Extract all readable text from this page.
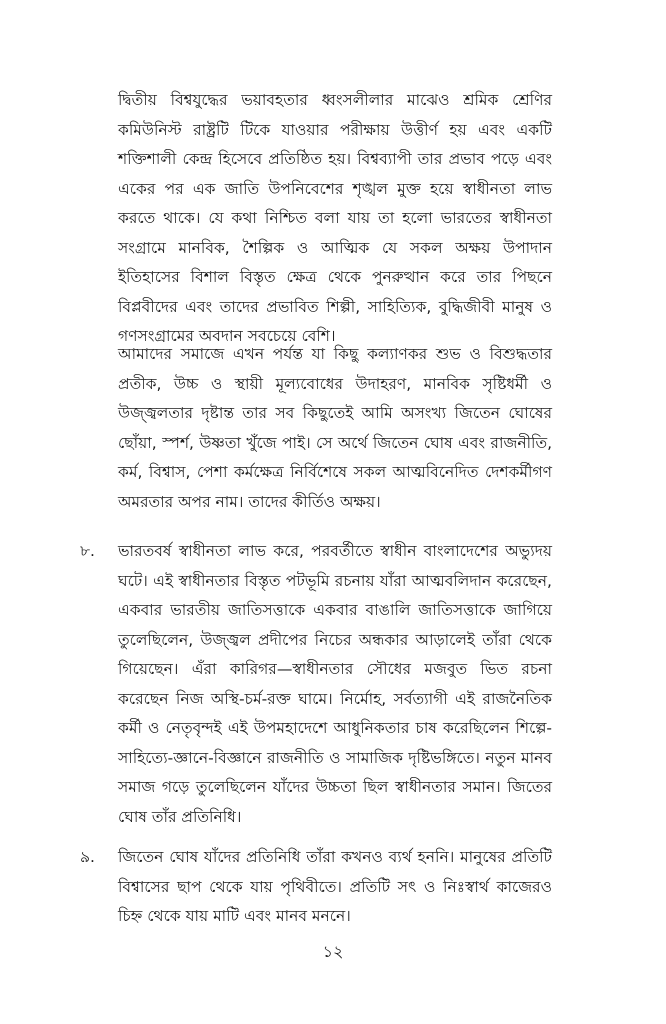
দ্বিতীয় বিশ্বযুদ্ধের ভয়াবহতার ধ্বংসলীলার মাঝেও শ্রমিক শ্রেণির কমিউনিস্ট রাষ্ট্রটি টিকে যাওয়ার পরীক্ষায় উত্তীর্ণ হয় এবং একটি শক্তিশালী কেন্দ্র হিসেবে প্রতিষ্ঠিত হয়। বিশ্বব্যাপী তার প্রভাব পড়ে এবং একের পর এক জাতি উপনিবেশের শৃঙ্খল মুক্ত হয়ে স্বাধীনতা লাভ করতে থাকে। যে কথা নিশ্চিত বলা যায় তা হলো ভারতের স্বাধীনতা সংগ্রামে মানবিক, শৈল্পিক ও আত্মিক যে সকল অক্ষয় উপাদান ইতিহাসের বিশাল বিস্তৃত ক্ষেত্র থেকে পুনরুত্থান করে তার পিছনে বিপ্লবীদের এবং তাদের প্রভাবিত শিল্পী, সাহিত্যিক, বুদ্ধিজীবী মানুষ ও গণসংগ্রামের অবদান সবচেয়ে বেশি।

আমাদের সমাজে এখন পর্যন্ত যা কিছু কল্যাণকর শুভ ও বিশুদ্ধতার প্রতীক, উচ্চ ও স্থায়ী মূল্যবোধের উদাহরণ, মানবিক সৃষ্টিধর্মী ও উজ্জ্বলতার দৃষ্টান্ত তার সব কিছুতেই আমি অসংখ্য জিতেন ঘোষের ছোঁয়া, স্পর্শ, উষ্ণতা খুঁজে পাই। সে অর্থে জিতেন ঘোষ এবং রাজনীতি, কর্ম, বিশ্বাস, পেশা কর্মক্ষেত্র নির্বিশেষে সকল আত্মবিনেদিত দেশকর্মীগণ অমরতার অপর নাম। তাদের কীর্তিও অক্ষয়।

৮. ভারতবর্ষ স্বাধীনতা লাভ করে, পরবর্তীতে স্বাধীন বাংলাদেশের অভ্যুদয় ঘটে। এই স্বাধীনতার বিস্তৃত পটভূমি রচনায় যাঁরা আত্মবলিদান করেছেন, একবার ভারতীয় জাতিসত্তাকে একবার বাঙালি জাতিসত্তাকে জাগিয়ে তুলেছিলেন, উজ্জ্বল প্রদীপের নিচের অন্ধকার আড়ালেই তাঁরা থেকে গিয়েছেন। এঁরা কারিগর—স্বাধীনতার সৌধের মজবুত ভিত রচনা করেছেন নিজ অস্থি-চর্ম-রক্ত ঘামে। নির্মোহ, সর্বত্যাগী এই রাজনৈতিক কর্মী ও নেতৃবৃন্দই এই উপমহাদেশে আধুনিকতার চাষ করেছিলেন শিল্পে-সাহিত্যে-জ্ঞানে-বিজ্ঞানে রাজনীতি ও সামাজিক দৃষ্টিভঙ্গিতে। নতুন মানব সমাজ গড়ে তুলেছিলেন যাঁদের উচ্চতা ছিল স্বাধীনতার সমান। জিতের ঘোষ তাঁর প্রতিনিধি।

৯. জিতেন ঘোষ যাঁদের প্রতিনিধি তাঁরা কখনও ব্যর্থ হননি। মানুষের প্রতিটি বিশ্বাসের ছাপ থেকে যায় পৃথিবীতে। প্রতিটি সৎ ও নিঃস্বার্থ কাজেরও চিহ্ন থেকে যায় মাটি এবং মানব মননে।

১২
